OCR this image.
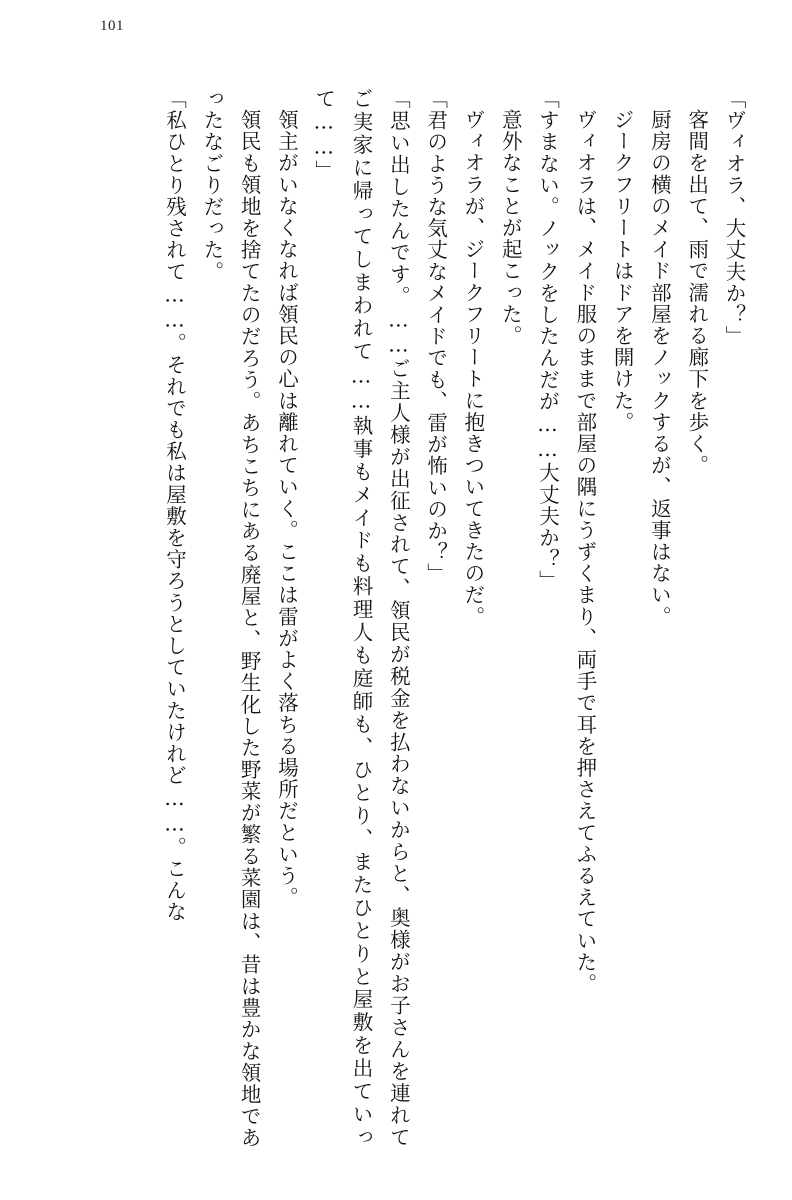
101

「ヴィオラ、大丈夫か？」

客間を出て、雨で濡れる廊下を歩く。

厨房の横のメイド部屋をノックするが、返事はない。

ジークフリートはドアを開けた。

ヴィオラは、メイド服のままで部屋の隅にうずくまり、両手で耳を押さえてふるえていた。

「すまない。ノックをしたんだが……大丈夫か？」

意外なことが起こった。

ヴィオラが、ジークフリートに抱きついてきたのだ。

「君のような気丈なメイドでも、雷が怖いのか？」

「思い出したんです。……ご主人様が出征されて、領民が税金を払わないからと、奥様がお子さんを連れてご実家に帰ってしまわれて……執事もメイドも料理人も庭師も、ひとり、またひとりと屋敷を出ていって……」

領主がいなくなれば領民の心は離れていく。ここは雷がよく落ちる場所だという。

領民も領地を捨てたのだろう。あちこちにある廃屋と、野生化した野菜が繁る菜園は、昔は豊かな領地であったなごりだった。

「私ひとり残されて……。それでも私は屋敷を守ろうとしていたけれど……。こんな
